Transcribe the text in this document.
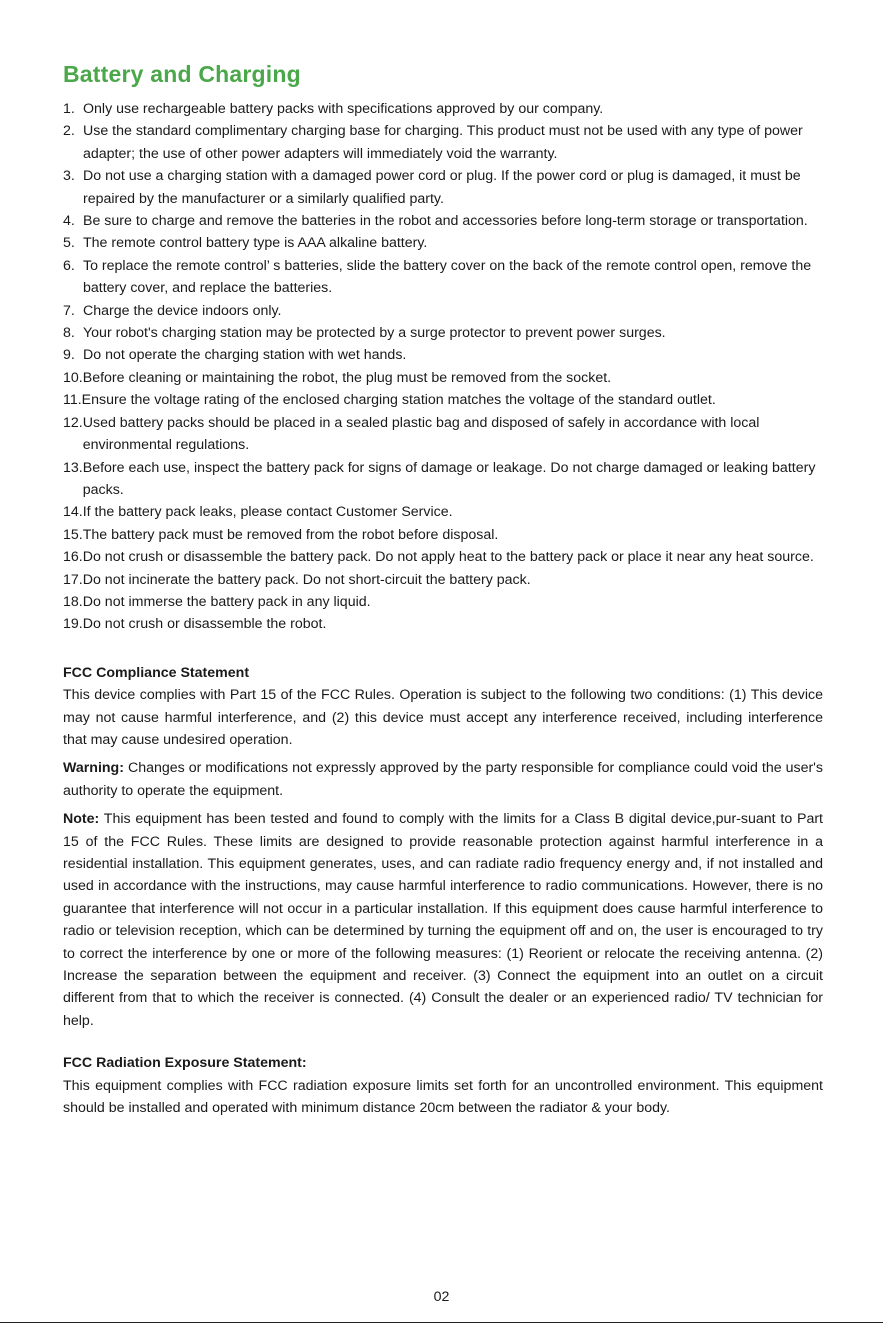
Battery and Charging
1. Only use rechargeable battery packs with specifications approved by our company.
2. Use the standard complimentary charging base for charging. This product must not be used with any type of power adapter; the use of other power adapters will immediately void the warranty.
3. Do not use a charging station with a damaged power cord or plug. If the power cord or plug is damaged, it must be repaired by the manufacturer or a similarly qualified party.
4. Be sure to charge and remove the batteries in the robot and accessories before long-term storage or transportation.
5. The remote control battery type is AAA alkaline battery.
6. To replace the remote control’ s batteries, slide the battery cover on the back of the remote control open, remove the battery cover, and replace the batteries.
7. Charge the device indoors only.
8. Your robot's charging station may be protected by a surge protector to prevent power surges.
9. Do not operate the charging station with wet hands.
10. Before cleaning or maintaining the robot, the plug must be removed from the socket.
11. Ensure the voltage rating of the enclosed charging station matches the voltage of the standard outlet.
12. Used battery packs should be placed in a sealed plastic bag and disposed of safely in accordance with local environmental regulations.
13. Before each use, inspect the battery pack for signs of damage or leakage. Do not charge damaged or leaking battery packs.
14. If the battery pack leaks, please contact Customer Service.
15. The battery pack must be removed from the robot before disposal.
16. Do not crush or disassemble the battery pack. Do not apply heat to the battery pack or place it near any heat source.
17. Do not incinerate the battery pack. Do not short-circuit the battery pack.
18. Do not immerse the battery pack in any liquid.
19. Do not crush or disassemble the robot.
FCC Compliance Statement

This device complies with Part 15 of the FCC Rules. Operation is subject to the following two conditions: (1) This device may not cause harmful interference, and (2) this device must accept any interference received, including interference that may cause undesired operation.

Warning: Changes or modifications not expressly approved by the party responsible for compliance could void the user's authority to operate the equipment.

Note: This equipment has been tested and found to comply with the limits for a Class B digital device,pur-suant to Part 15 of the FCC Rules. These limits are designed to provide reasonable protection against harmful interference in a residential installation. This equipment generates, uses, and can radiate radio frequency energy and, if not installed and used in accordance with the instructions, may cause harmful interference to radio communications. However, there is no guarantee that interference will not occur in a particular installation. If this equipment does cause harmful interference to radio or television reception, which can be determined by turning the equipment off and on, the user is encouraged to try to correct the interference by one or more of the following measures: (1) Reorient or relocate the receiving antenna. (2) Increase the separation between the equipment and receiver. (3) Connect the equipment into an outlet on a circuit different from that to which the receiver is connected. (4) Consult the dealer or an experienced radio/ TV technician for help.

FCC Radiation Exposure Statement:

This equipment complies with FCC radiation exposure limits set forth for an uncontrolled environment. This equipment should be installed and operated with minimum distance 20cm between the radiator & your body.

02
